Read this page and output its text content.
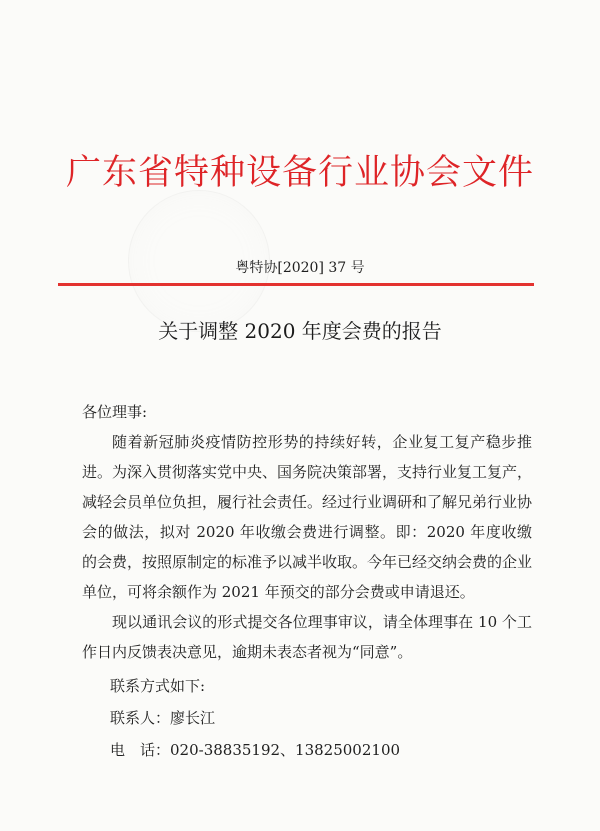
广东省特种设备行业协会文件
粤特协[2020] 37 号
关于调整 2020 年度会费的报告

各位理事:

随着新冠肺炎疫情防控形势的持续好转，企业复工复产稳步推进。为深入贯彻落实党中央、国务院决策部署，支持行业复工复产，减轻会员单位负担，履行社会责任。经过行业调研和了解兄弟行业协会的做法，拟对 2020 年收缴会费进行调整。即：2020 年度收缴的会费，按照原制定的标准予以减半收取。今年已经交纳会费的企业单位，可将余额作为 2021 年预交的部分会费或申请退还。

现以通讯会议的形式提交各位理事审议，请全体理事在 10 个工作日内反馈表决意见，逾期未表态者视为“同意”。

联系方式如下:
联系人：廖长江
电　话：020-38835192、13825002100
